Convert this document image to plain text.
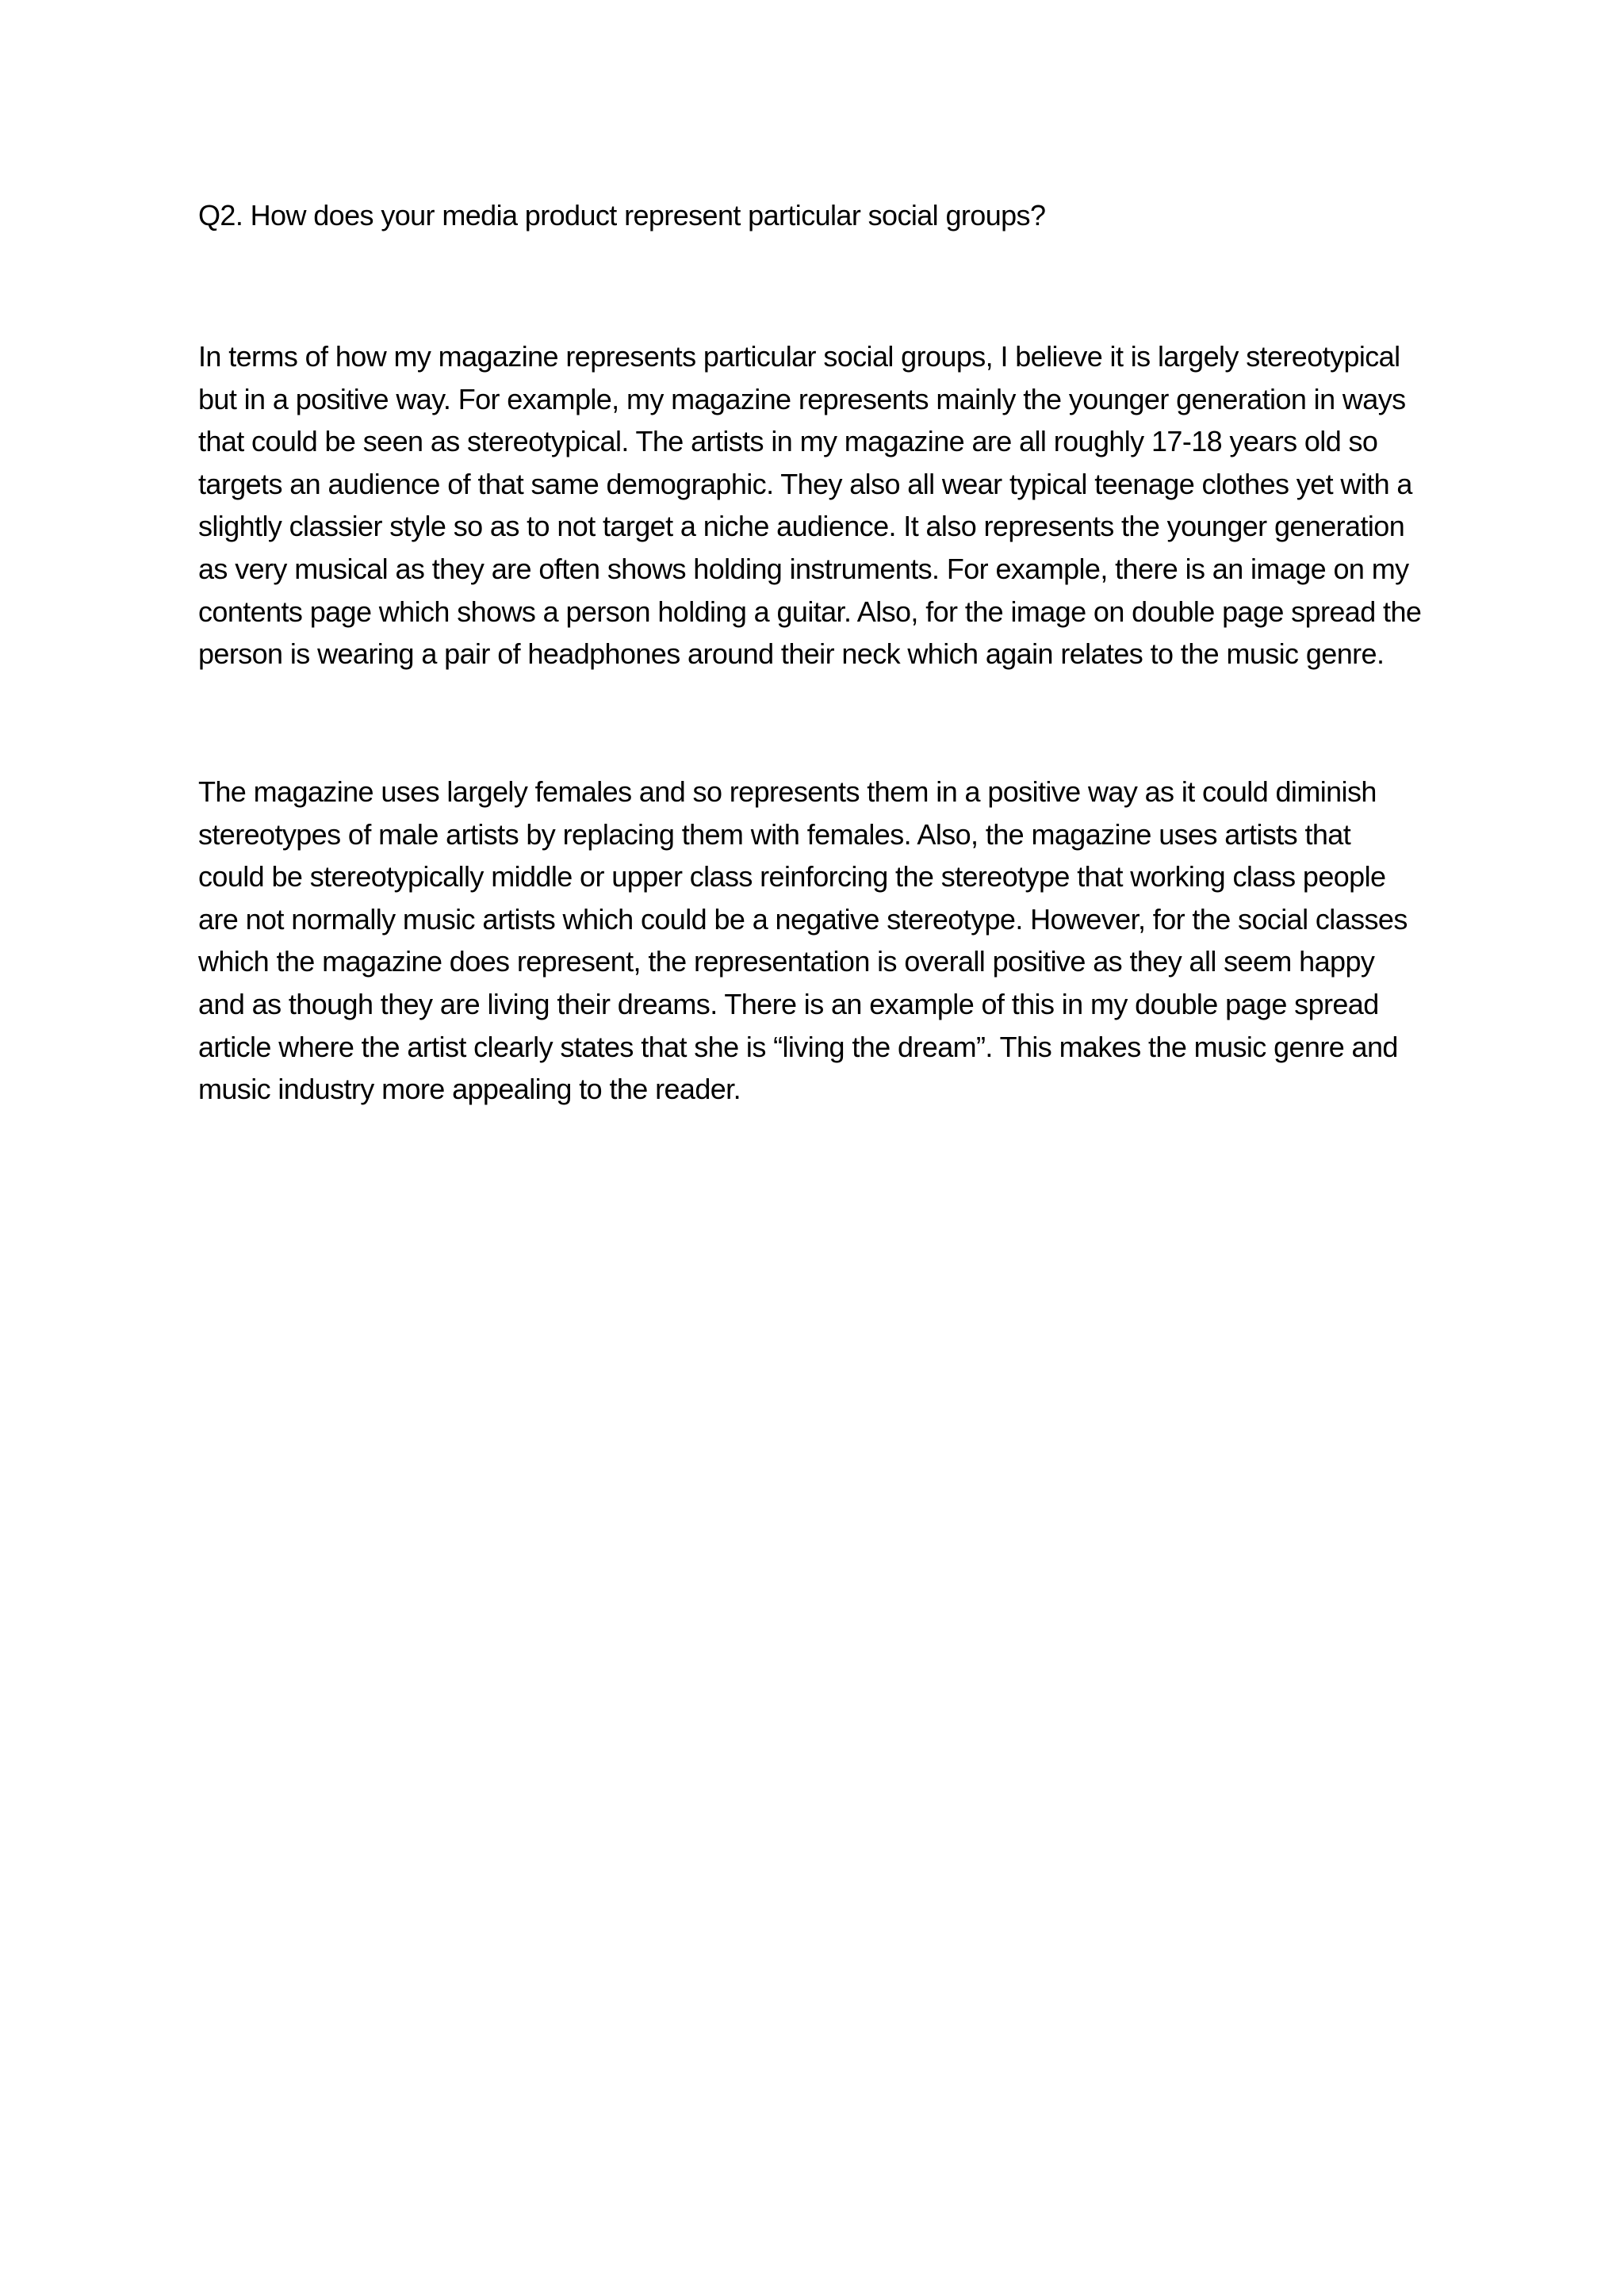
Q2. How does your media product represent particular social groups?

In terms of how my magazine represents particular social groups, I believe it is largely stereotypical
but in a positive way. For example, my magazine represents mainly the younger generation in ways
that could be seen as stereotypical. The artists in my magazine are all roughly 17-18 years old so
targets an audience of that same demographic. They also all wear typical teenage clothes yet with a
slightly classier style so as to not target a niche audience. It also represents the younger generation
as very musical as they are often shows holding instruments. For example, there is an image on my
contents page which shows a person holding a guitar. Also, for the image on double page spread the
person is wearing a pair of headphones around their neck which again relates to the music genre.
The magazine uses largely females and so represents them in a positive way as it could diminish
stereotypes of male artists by replacing them with females. Also, the magazine uses artists that
could be stereotypically middle or upper class reinforcing the stereotype that working class people
are not normally music artists which could be a negative stereotype. However, for the social classes
which the magazine does represent, the representation is overall positive as they all seem happy
and as though they are living their dreams. There is an example of this in my double page spread
article where the artist clearly states that she is “living the dream”. This makes the music genre and
music industry more appealing to the reader.
